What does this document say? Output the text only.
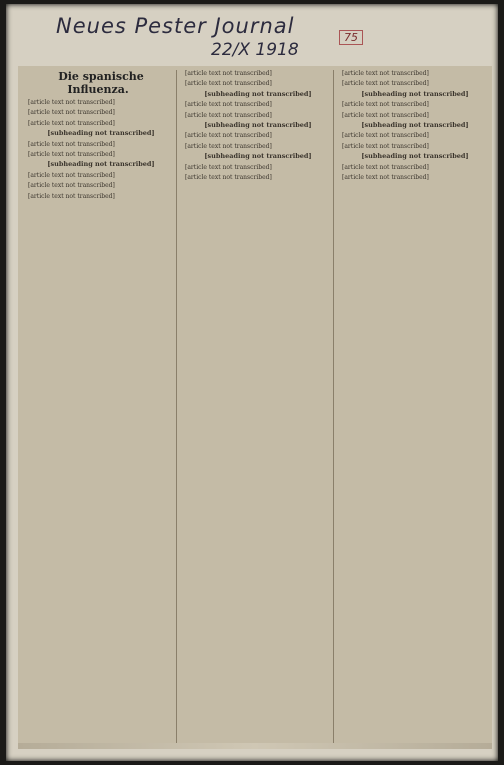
Neues Pester Journal
22/X 1918
75

Die spanische Influenza.

[article text not transcribed]

[article text not transcribed]

[article text not transcribed]

[subheading not transcribed]

[article text not transcribed]

[article text not transcribed]

[subheading not transcribed]

[article text not transcribed]

[article text not transcribed]

[article text not transcribed]

[article text not transcribed]

[article text not transcribed]

[subheading not transcribed]

[article text not transcribed]

[article text not transcribed]

[subheading not transcribed]

[article text not transcribed]

[article text not transcribed]

[subheading not transcribed]

[article text not transcribed]

[article text not transcribed]

[article text not transcribed]

[article text not transcribed]

[subheading not transcribed]

[article text not transcribed]

[article text not transcribed]

[subheading not transcribed]

[article text not transcribed]

[article text not transcribed]

[subheading not transcribed]

[article text not transcribed]

[article text not transcribed]
